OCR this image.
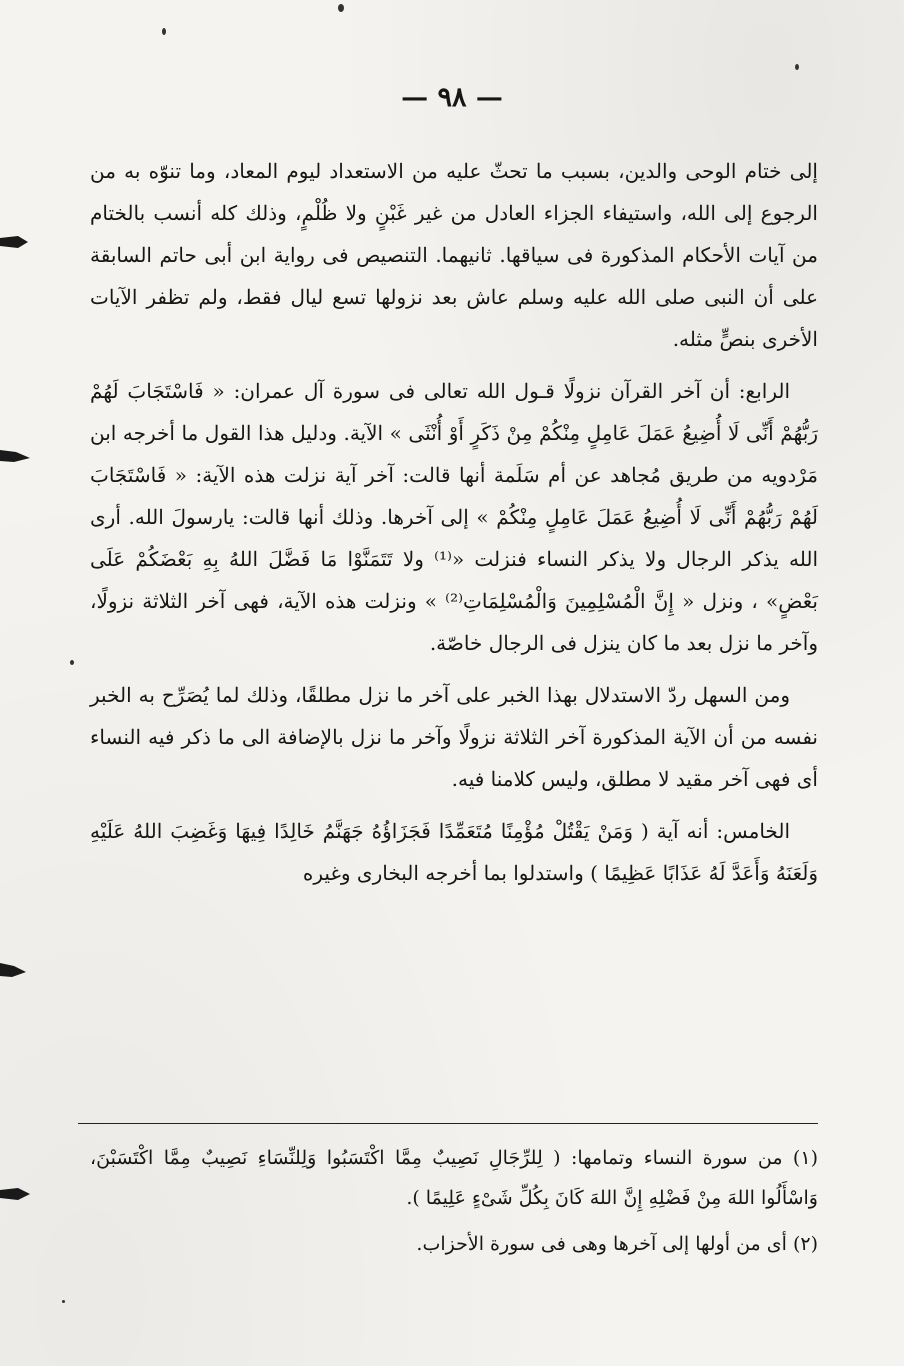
— ٩٨ —

إلى ختام الوحى والدين، بسبب ما تحثّ عليه من الاستعداد ليوم المعاد، وما تنوّه به من الرجوع إلى الله، واستيفاء الجزاء العادل من غير غَبْنٍ ولا ظُلْمٍ، وذلك كله أنسب بالختام من آيات الأحكام المذكورة فى سياقها. ثانيهما. التنصيص فى رواية ابن أبى حاتم السابقة على أن النبى صلى الله عليه وسلم عاش بعد نزولها تسع ليال فقط، ولم تظفر الآيات الأخرى بنصٍّ مثله.

الرابع: أن آخر القرآن نزولًا قـول الله تعالى فى سورة آل عمران: « فَاسْتَجَابَ لَهُمْ رَبُّهُمْ أَنِّى لَا أُضِيعُ عَمَلَ عَامِلٍ مِنْكُمْ مِنْ ذَكَرٍ أَوْ أُنْثَى » الآية. ودليل هذا القول ما أخرجه ابن مَرْدويه من طريق مُجاهد عن أم سَلَمة أنها قالت: آخر آية نزلت هذه الآية: « فَاسْتَجَابَ لَهُمْ رَبُّهُمْ أَنِّى لَا أُضِيعُ عَمَلَ عَامِلٍ مِنْكُمْ » إلى آخرها. وذلك أنها قالت: يارسولَ الله. أرى الله يذكر الرجال ولا يذكر النساء فنزلت «⁽¹⁾ ولا تَتَمَنَّوْا مَا فَضَّلَ اللهُ بِهِ بَعْضَكُمْ عَلَى بَعْضٍ» ، ونزل « إِنَّ الْمُسْلِمِينَ وَالْمُسْلِمَاتِ⁽²⁾ » ونزلت هذه الآية، فهى آخر الثلاثة نزولًا، وآخر ما نزل بعد ما كان ينزل فى الرجال خاصّة.

ومن السهل ردّ الاستدلال بهذا الخبر على آخر ما نزل مطلقًا، وذلك لما يُصَرِّح به الخبر نفسه من أن الآية المذكورة آخر الثلاثة نزولًا وآخر ما نزل بالإضافة الى ما ذكر فيه النساء أى فهى آخر مقيد لا مطلق، وليس كلامنا فيه.

الخامس: أنه آية ( وَمَنْ يَقْتُلْ مُؤْمِنًا مُتَعَمِّدًا فَجَزَاؤُهُ جَهَنَّمُ خَالِدًا فِيهَا وَغَضِبَ اللهُ عَلَيْهِ وَلَعَنَهُ وَأَعَدَّ لَهُ عَذَابًا عَظِيمًا ) واستدلوا بما أخرجه البخارى وغيره

(١) من سورة النساء وتمامها: ( لِلرِّجَالِ نَصِيبٌ مِمَّا اكْتَسَبُوا وَلِلنِّسَاءِ نَصِيبٌ مِمَّا اكْتَسَبْنَ، وَاسْأَلُوا اللهَ مِنْ فَضْلِهِ إِنَّ اللهَ كَانَ بِكُلِّ شَىْءٍ عَلِيمًا ).

(٢) أى من أولها إلى آخرها وهى فى سورة الأحزاب.
